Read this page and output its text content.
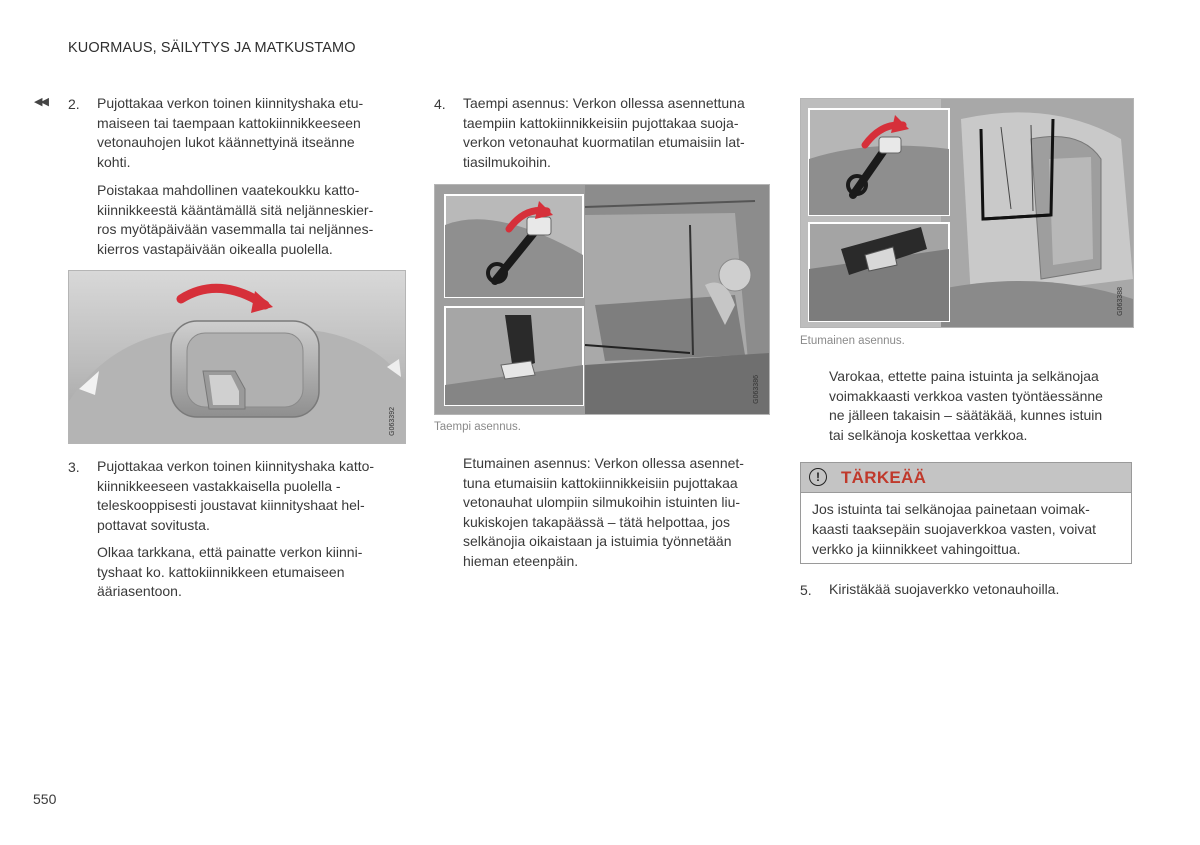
KUORMAUS, SÄILYTYS JA MATKUSTAMO
◀◀ 2. Pujottakaa verkon toinen kiinnityshaka etu-
maiseen tai taempaan kattokiinnikkeeseen
vetonauhojen lukot käännettyinä itseänne
kohti.
Poistakaa mahdollinen vaatekoukku katto-
kiinnikkeestä kääntämällä sitä neljänneskier-
ros myötäpäivään vasemmalla tai neljännes-
kierros vastapäivään oikealla puolella.
G063392
3. Pujottakaa verkon toinen kiinnityshaka katto-
kiinnikkeeseen vastakkaisella puolella -
teleskooppisesti joustavat kiinnityshaat hel-
pottavat sovitusta.
Olkaa tarkkana, että painatte verkon kiinni-
tyshaat ko. kattokiinnikkeen etumaiseen
ääriasentoon.
4. Taempi asennus: Verkon ollessa asennettuna
taempiin kattokiinnikkeisiin pujottakaa suoja-
verkon vetonauhat kuormatilan etumaisiin lat-
tiasilmukoihin.
G063386
Taempi asennus.
Etumainen asennus: Verkon ollessa asennet-
tuna etumaisiin kattokiinnikkeisiin pujottakaa
vetonauhat ulompiin silmukoihin istuinten liu-
kukiskojen takapäässä – tätä helpottaa, jos
selkänojia oikaistaan ja istuimia työnnetään
hieman eteenpäin.
G063388
Etumainen asennus.
Varokaa, ettette paina istuinta ja selkänojaa
voimakkaasti verkkoa vasten työntäessänne
ne jälleen takaisin – säätäkää, kunnes istuin
tai selkänoja koskettaa verkkoa.
!	TÄRKEÄÄ
Jos istuinta tai selkänojaa painetaan voimak-
kaasti taaksepäin suojaverkkoa vasten, voivat
verkko ja kiinnikkeet vahingoittua.
5. Kiristäkää suojaverkko vetonauhoilla.
550
